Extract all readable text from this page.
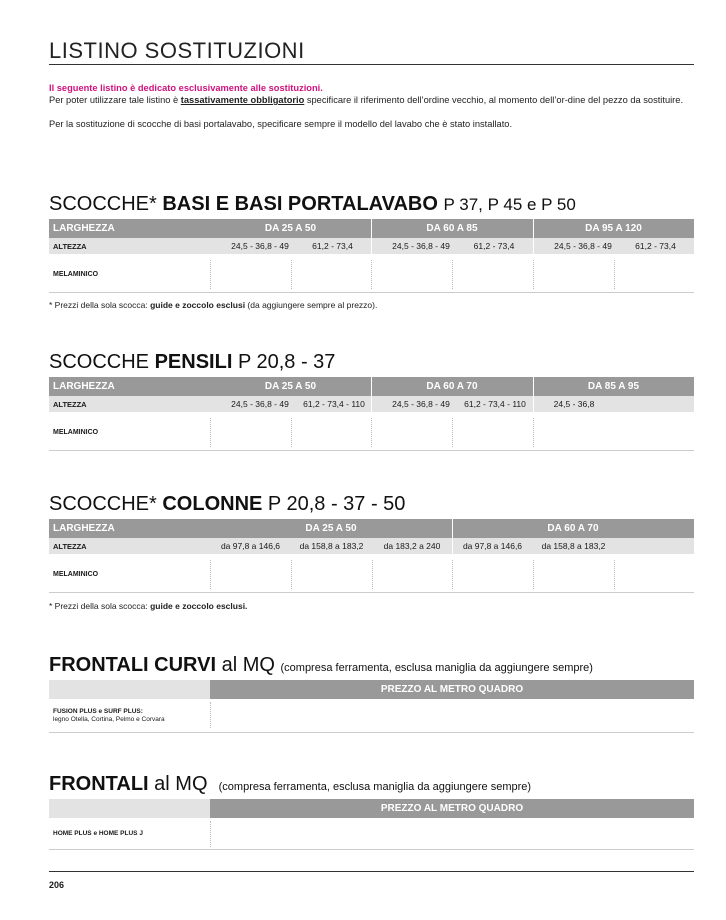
LISTINO SOSTITUZIONI
Il seguente listino è dedicato esclusivamente alle sostituzioni.
Per poter utilizzare tale listino è tassativamente obbligatorio specificare il riferimento dell’ordine vecchio, al momento dell’or-dine del pezzo da sostituire.
Per la sostituzione di scocche di basi portalavabo, specificare sempre il modello del lavabo che è stato installato.
SCOCCHE* BASI E BASI PORTALAVABO P 37, P 45 e P 50
LARGHEZZA	DA 25 A 50	DA 60 A 85	DA 95 A 120
ALTEZZA	24,5 - 36,8 - 49	61,2 - 73,4	24,5 - 36,8 - 49	61,2 - 73,4	24,5 - 36,8 - 49	61,2 - 73,4
MELAMINICO
* Prezzi della sola scocca: guide e zoccolo esclusi (da aggiungere sempre al prezzo).
SCOCCHE PENSILI P 20,8 - 37
LARGHEZZA	DA 25 A 50	DA 60 A 70	DA 85 A 95
ALTEZZA	24,5 - 36,8 - 49	61,2 - 73,4 - 110	24,5 - 36,8 - 49	61,2 - 73,4 - 110	24,5 - 36,8
MELAMINICO
SCOCCHE* COLONNE P 20,8 - 37 - 50
LARGHEZZA	DA 25 A 50	DA 60 A 70
ALTEZZA	da 97,8 a 146,6	da 158,8 a 183,2	da 183,2 a 240	da 97,8 a 146,6	da 158,8 a 183,2
MELAMINICO
* Prezzi della sola scocca: guide e zoccolo esclusi.
FRONTALI CURVI al MQ (compresa ferramenta, esclusa maniglia da aggiungere sempre)
PREZZO AL METRO QUADRO
FUSION PLUS e SURF PLUS:
legno Otella, Cortina, Pelmo e Corvara
FRONTALI al MQ (compresa ferramenta, esclusa maniglia da aggiungere sempre)
PREZZO AL METRO QUADRO
HOME PLUS e HOME PLUS J
206
